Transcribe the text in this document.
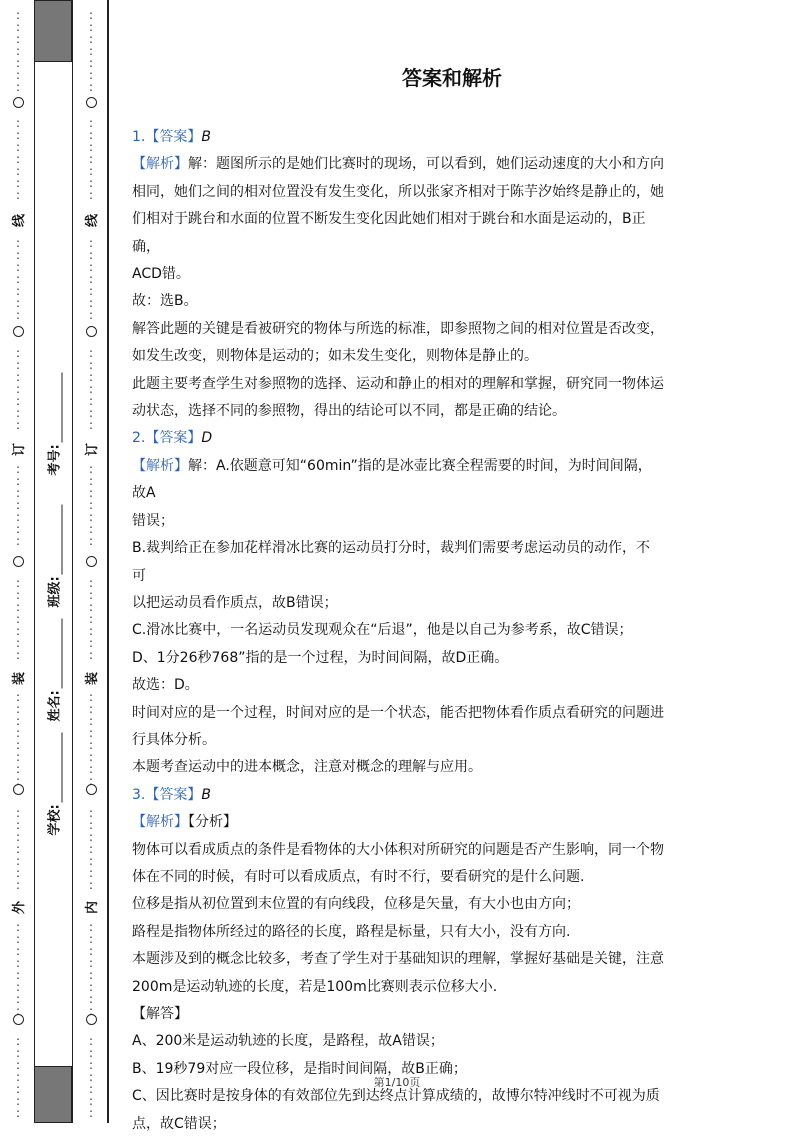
:
:
:
:
:
:
:
:
:
:
:
:
:
:
:
:
:
:
:
:
:
:
:
:
:
:
:
:
:
:
:
:
:
:
:
:
:
:
:
:
:
:
:
:
:
:
:
:
:
:
:
:
:
:
:
:
:
:
:
:
:
:
:
:
:
:
:
:
:
:
:
:
线
订
装
外
:
:
:
:
:
:
:
:
:
:
:
:
:
:
:
:
:
:
:
:
:
:
:
:
:
:
:
:
:
:
:
:
:
:
:
:
:
:
:
:
:
:
:
:
:
:
:
:
:
:
:
:
:
:
:
:
:
:
:
:
:
:
:
:
:
:
:
:
:
:
:
:
线
订
装
内
学校:
姓名:
班级:
考号:
答案和解析

1.【答案】B

【解析】解：题图所示的是她们比赛时的现场，可以看到，她们运动速度的大小和方向

相同，她们之间的相对位置没有发生变化，所以张家齐相对于陈芋汐始终是静止的，她

们相对于跳台和水面的位置不断发生变化因此她们相对于跳台和水面是运动的，B正确，

ACD错。

故：选B。

解答此题的关键是看被研究的物体与所选的标准，即参照物之间的相对位置是否改变，

如发生改变，则物体是运动的；如未发生变化，则物体是静止的。

此题主要考查学生对参照物的选择、运动和静止的相对的理解和掌握，研究同一物体运

动状态，选择不同的参照物，得出的结论可以不同，都是正确的结论。

2.【答案】D

【解析】解：A.依题意可知“60min”指的是冰壶比赛全程需要的时间，为时间间隔，故A

错误；

B.裁判给正在参加花样滑冰比赛的运动员打分时，裁判们需要考虑运动员的动作，不可

以把运动员看作质点，故B错误；

C.滑冰比赛中，一名运动员发现观众在“后退”，他是以自己为参考系，故C错误；

D、1分26秒768”指的是一个过程，为时间间隔，故D正确。

故选：D。

时间对应的是一个过程，时间对应的是一个状态，能否把物体看作质点看研究的问题进

行具体分析。

本题考查运动中的进本概念，注意对概念的理解与应用。

3.【答案】B

【解析】【分析】

物体可以看成质点的条件是看物体的大小体积对所研究的问题是否产生影响，同一个物

体在不同的时候，有时可以看成质点，有时不行，要看研究的是什么问题.

位移是指从初位置到末位置的有向线段，位移是矢量，有大小也由方向；

路程是指物体所经过的路径的长度，路程是标量，只有大小，没有方向.

本题涉及到的概念比较多，考查了学生对于基础知识的理解，掌握好基础是关键，注意

200m是运动轨迹的长度，若是100m比赛则表示位移大小.

【解答】

A、200米是运动轨迹的长度，是路程，故A错误；

B、19秒79对应一段位移，是指时间间隔，故B正确；

C、因比赛时是按身体的有效部位先到达终点计算成绩的，故博尔特冲线时不可视为质

点，故C错误；

第1/10页
